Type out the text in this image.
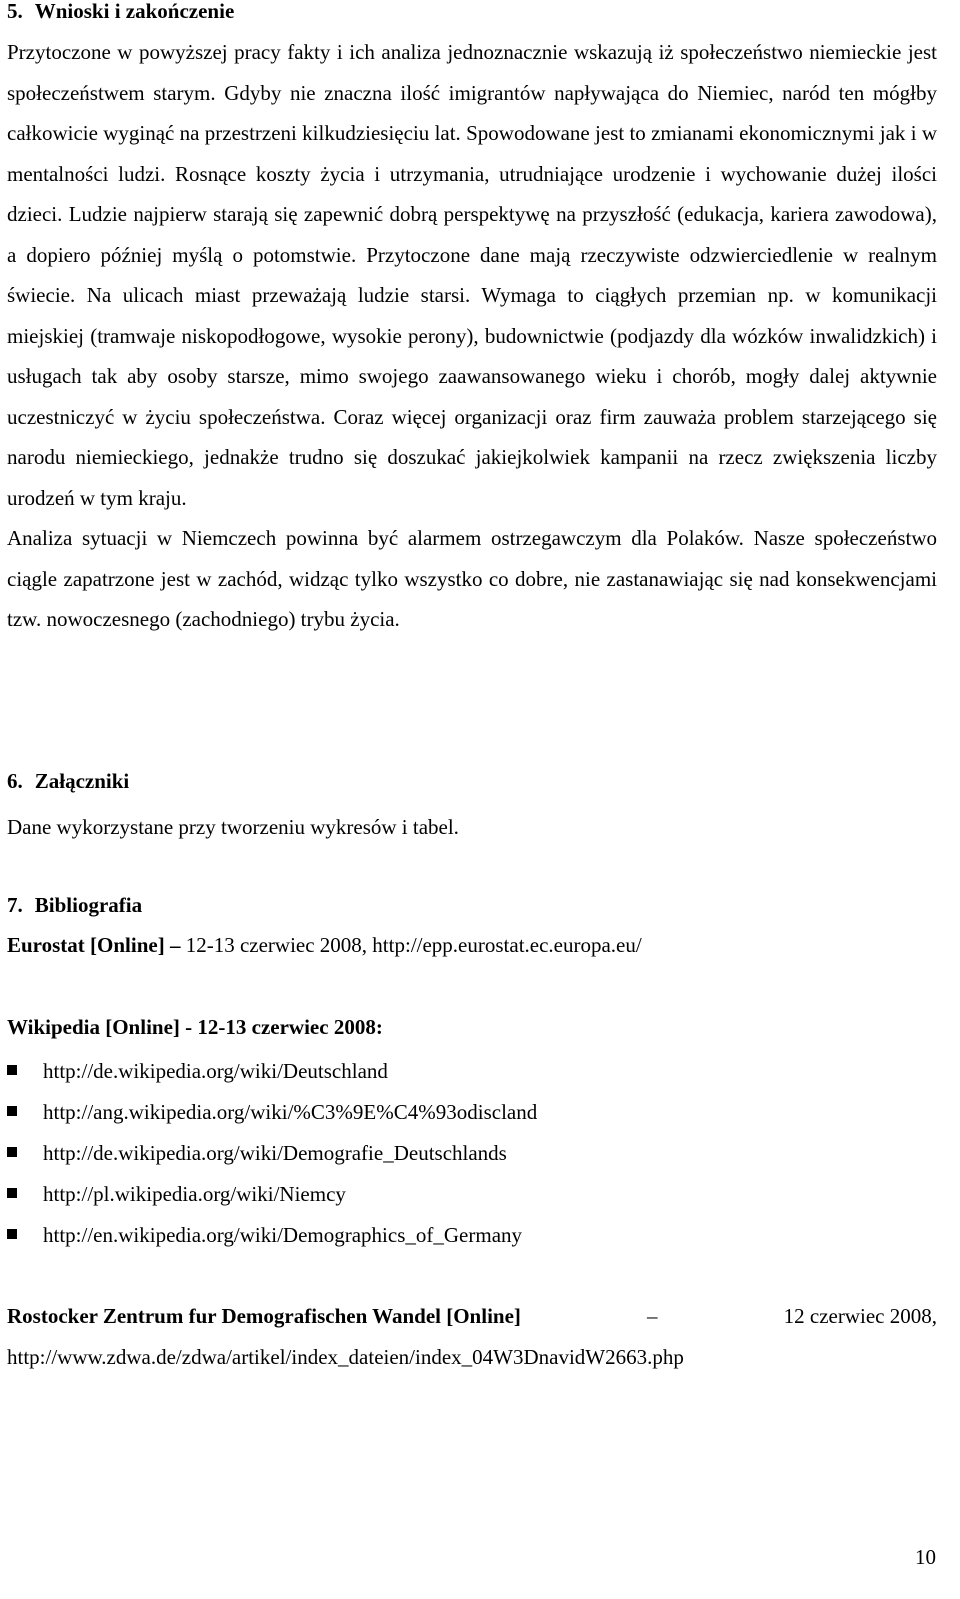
5. Wnioski i zakończenie

Przytoczone w powyższej pracy fakty i ich analiza jednoznacznie wskazują iż społeczeństwo niemieckie jest społeczeństwem starym. Gdyby nie znaczna ilość imigrantów napływająca do Niemiec, naród ten mógłby całkowicie wyginąć na przestrzeni kilkudziesięciu lat. Spowodowane jest to zmianami ekonomicznymi jak i w mentalności ludzi. Rosnące koszty życia i utrzymania, utrudniające urodzenie i wychowanie dużej ilości dzieci. Ludzie najpierw starają się zapewnić dobrą perspektywę na przyszłość (edukacja, kariera zawodowa), a dopiero później myślą o potomstwie. Przytoczone dane mają rzeczywiste odzwierciedlenie w realnym świecie. Na ulicach miast przeważają ludzie starsi. Wymaga to ciągłych przemian np. w komunikacji miejskiej (tramwaje niskopodłogowe, wysokie perony), budownictwie (podjazdy dla wózków inwalidzkich) i usługach tak aby osoby starsze, mimo swojego zaawansowanego wieku i chorób, mogły dalej aktywnie uczestniczyć w życiu społeczeństwa. Coraz więcej organizacji oraz firm zauważa problem starzejącego się narodu niemieckiego, jednakże trudno się doszukać jakiejkolwiek kampanii na rzecz zwiększenia liczby urodzeń w tym kraju.

Analiza sytuacji w Niemczech powinna być alarmem ostrzegawczym dla Polaków. Nasze społeczeństwo ciągle zapatrzone jest w zachód, widząc tylko wszystko co dobre, nie zastanawiając się nad konsekwencjami tzw. nowoczesnego (zachodniego) trybu życia.

6. Załączniki

Dane wykorzystane przy tworzeniu wykresów i tabel.

7. Bibliografia

Eurostat [Online] – 12-13 czerwiec 2008, http://epp.eurostat.ec.europa.eu/

Wikipedia [Online] - 12-13 czerwiec 2008:

http://de.wikipedia.org/wiki/Deutschland
http://ang.wikipedia.org/wiki/%C3%9E%C4%93odiscland
http://de.wikipedia.org/wiki/Demografie_Deutschlands
http://pl.wikipedia.org/wiki/Niemcy
http://en.wikipedia.org/wiki/Demographics_of_Germany
Rostocker Zentrum fur Demografischen Wandel [Online]	–	12 czerwiec 2008,
http://www.zdwa.de/zdwa/artikel/index_dateien/index_04W3DnavidW2663.php
10
